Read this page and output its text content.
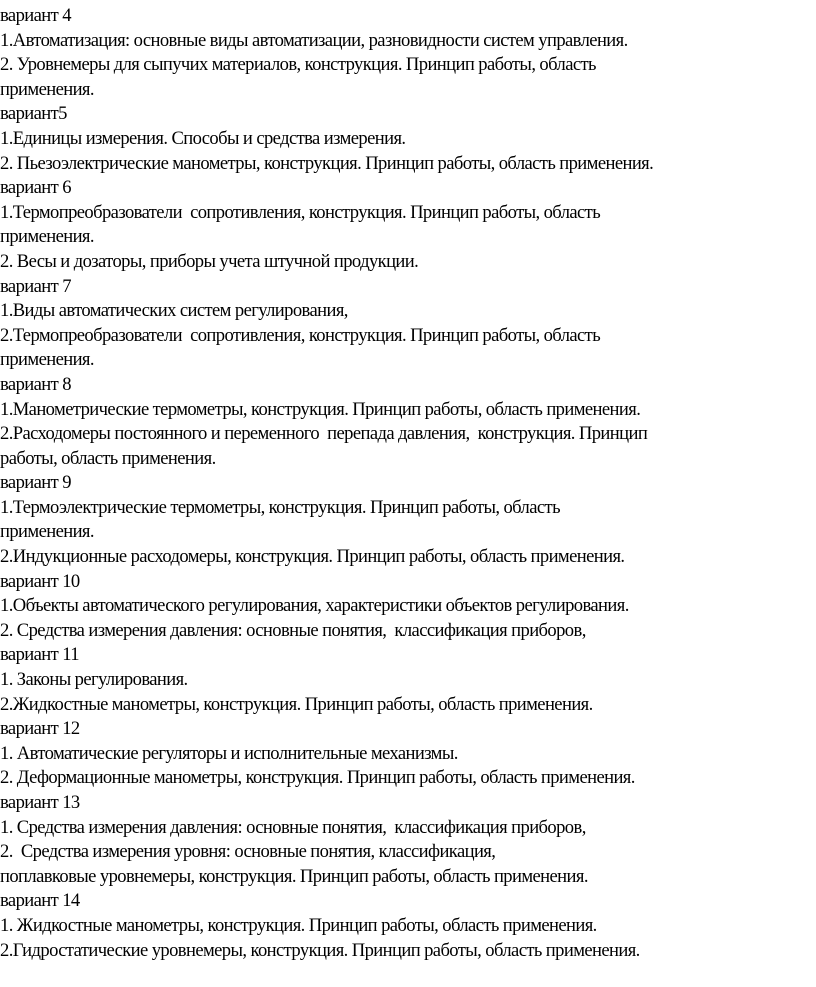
вариант 4
1.Автоматизация: основные виды автоматизации, разновидности систем управления.
2. Уровнемеры для сыпучих материалов, конструкция. Принцип работы, область
применения.
вариант5
1.Единицы измерения. Способы и средства измерения.
2. Пьезоэлектрические манометры, конструкция. Принцип работы, область применения.
вариант 6
1.Термопреобразователи  сопротивления, конструкция. Принцип работы, область
применения.
2. Весы и дозаторы, приборы учета штучной продукции.
вариант 7
1.Виды автоматических систем регулирования,
2.Термопреобразователи  сопротивления, конструкция. Принцип работы, область
применения.
вариант 8
1.Манометрические термометры, конструкция. Принцип работы, область применения.
2.Расходомеры постоянного и переменного  перепада давления,  конструкция. Принцип
работы, область применения.
вариант 9
1.Термоэлектрические термометры, конструкция. Принцип работы, область
применения.
2.Индукционные расходомеры, конструкция. Принцип работы, область применения.
вариант 10
1.Объекты автоматического регулирования, характеристики объектов регулирования.
2. Средства измерения давления: основные понятия,  классификация приборов,
вариант 11
1. Законы регулирования.
2.Жидкостные манометры, конструкция. Принцип работы, область применения.
вариант 12
1. Автоматические регуляторы и исполнительные механизмы.
2. Деформационные манометры, конструкция. Принцип работы, область применения.
вариант 13
1. Средства измерения давления: основные понятия,  классификация приборов,
2.  Средства измерения уровня: основные понятия, классификация,
поплавковые уровнемеры, конструкция. Принцип работы, область применения.
вариант 14
1. Жидкостные манометры, конструкция. Принцип работы, область применения.
2.Гидростатические уровнемеры, конструкция. Принцип работы, область применения.
